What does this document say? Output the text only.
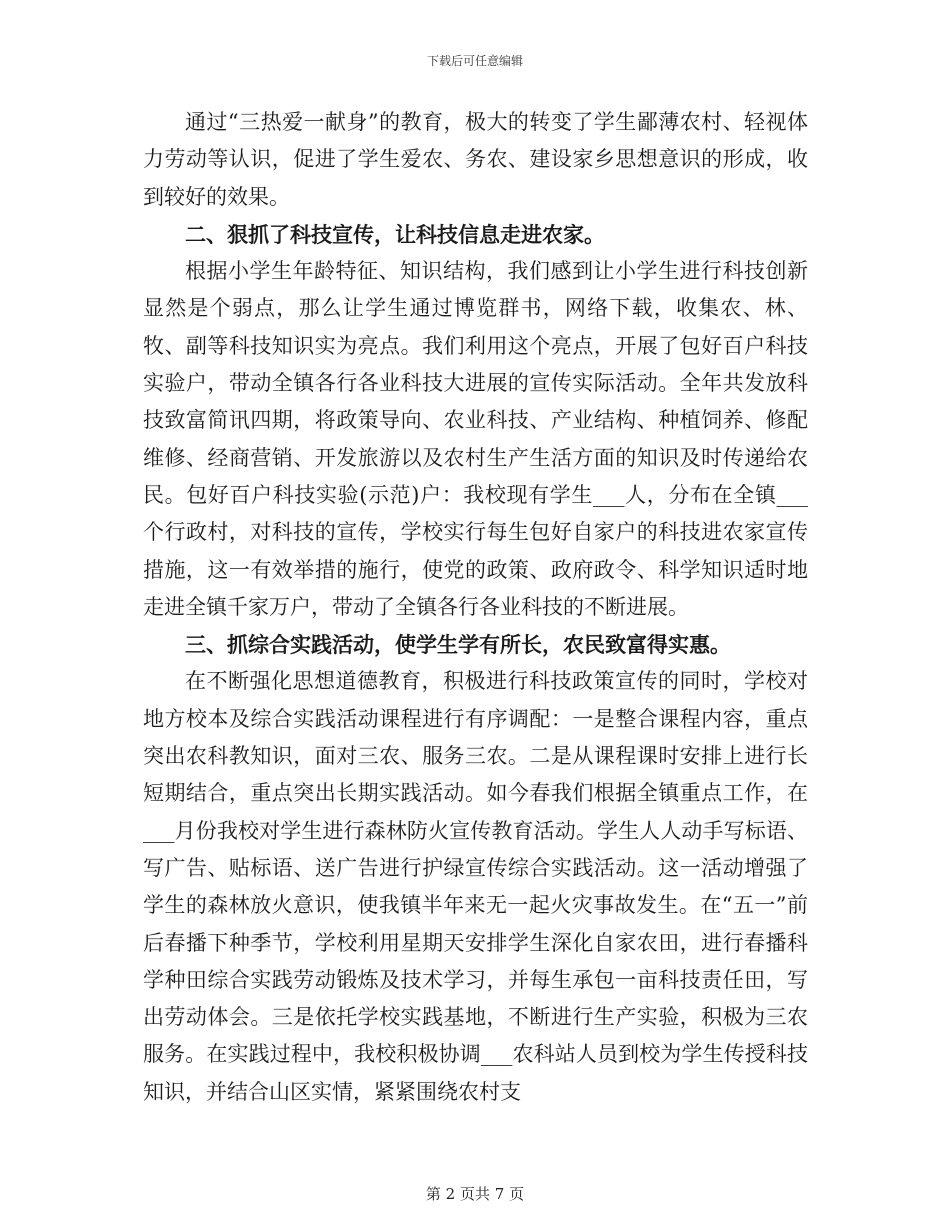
下载后可任意编辑

通过“三热爱一献身”的教育，极大的转变了学生鄙薄农村、轻视体力劳动等认识，促进了学生爱农、务农、建设家乡思想意识的形成，收到较好的效果。

二、狠抓了科技宣传，让科技信息走进农家。

根据小学生年龄特征、知识结构，我们感到让小学生进行科技创新显然是个弱点，那么让学生通过博览群书，网络下载，收集农、林、牧、副等科技知识实为亮点。我们利用这个亮点，开展了包好百户科技实验户，带动全镇各行各业科技大进展的宣传实际活动。全年共发放科技致富简讯四期，将政策导向、农业科技、产业结构、种植饲养、修配维修、经商营销、开发旅游以及农村生产生活方面的知识及时传递给农民。包好百户科技实验(示范)户：我校现有学生___人，分布在全镇___个行政村，对科技的宣传，学校实行每生包好自家户的科技进农家宣传措施，这一有效举措的施行，使党的政策、政府政令、科学知识适时地走进全镇千家万户，带动了全镇各行各业科技的不断进展。

三、抓综合实践活动，使学生学有所长，农民致富得实惠。

在不断强化思想道德教育，积极进行科技政策宣传的同时，学校对地方校本及综合实践活动课程进行有序调配：一是整合课程内容，重点突出农科教知识，面对三农、服务三农。二是从课程课时安排上进行长短期结合，重点突出长期实践活动。如今春我们根据全镇重点工作，在___月份我校对学生进行森林防火宣传教育活动。学生人人动手写标语、写广告、贴标语、送广告进行护绿宣传综合实践活动。这一活动增强了学生的森林放火意识，使我镇半年来无一起火灾事故发生。在“五一”前后春播下种季节，学校利用星期天安排学生深化自家农田，进行春播科学种田综合实践劳动锻炼及技术学习，并每生承包一亩科技责任田，写出劳动体会。三是依托学校实践基地，不断进行生产实验，积极为三农服务。在实践过程中，我校积极协调___农科站人员到校为学生传授科技知识，并结合山区实情，紧紧围绕农村支

第 2 页共 7 页
